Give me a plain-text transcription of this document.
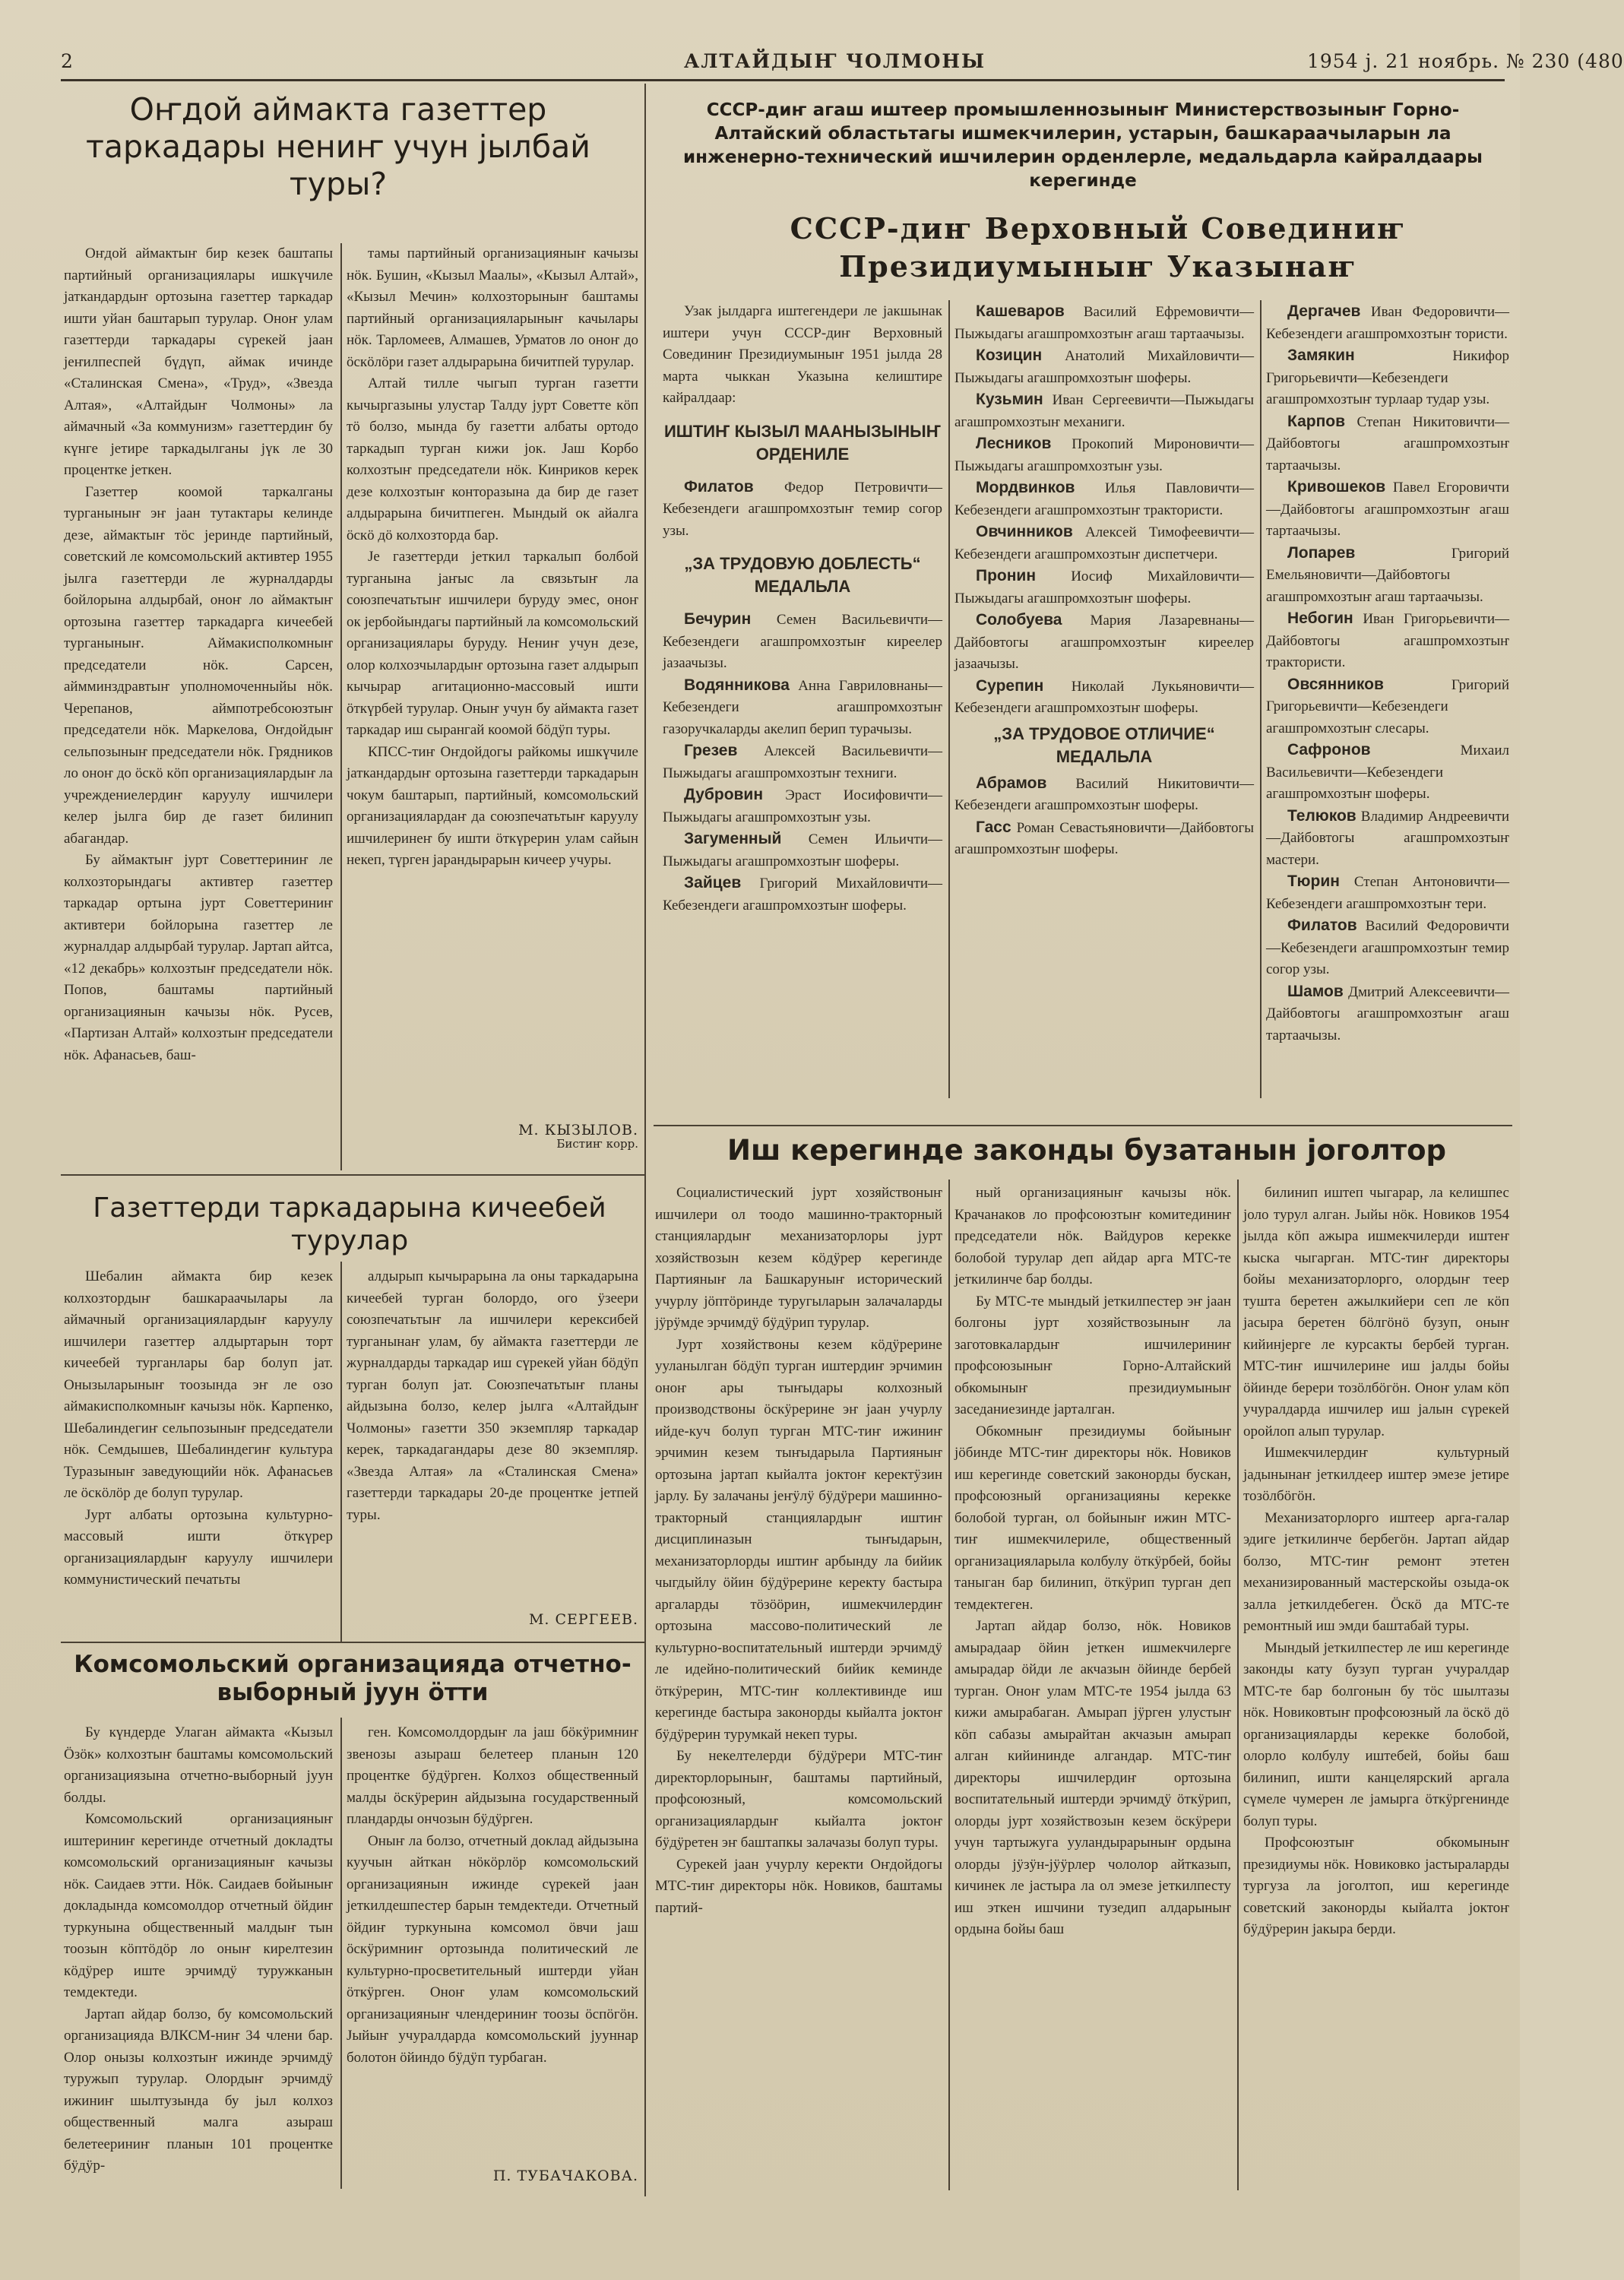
2	АЛТАЙДЫҤ ЧОЛМОНЫ	1954 ј. 21 ноябрь. № 230 (480
Оҥдой аймакта газеттер таркадары нениҥ учун јылбай туры?

Оҥдой аймактыҥ бир кезек баштапы партийный организациялары ишкүчиле јаткандардыҥ ортозына газеттер таркадар ишти уйан баштарып турулар. Оноҥ улам газеттерди таркадары сүрекей јаан јеҥилпеспей бүдүп, аймак ичинде «Сталинская Смена», «Труд», «Звезда Алтая», «Алтайдыҥ Чолмоны» ла аймачный «За коммунизм» газеттердиҥ бу күнге јетире таркадылганы јүк ле 30 процентке јеткен.

Газеттер коомой таркалганы турганыныҥ эҥ јаан тутактары келинде дезе, аймактыҥ тӧс јеринде партийный, советский ле комсомольский активтер 1955 јылга газеттерди ле журналдарды бойлорына алдырбай, оноҥ ло аймактыҥ ортозына газеттер таркадарга кичеебей турганыныҥ. Аймакисполкомныҥ председатели нӧк. Сарсен, аймминздравтыҥ уполномоченныйы нӧк. Черепанов, аймпотребсоюзтыҥ председатели нӧк. Маркелова, Оҥдойдыҥ сельпозыныҥ председатели нӧк. Грядников ло оноҥ до ӧскӧ кӧп организациялардыҥ ла учреждениелердиҥ каруулу ишчилери келер јылга бир де газет билинип абагандар.

Бу аймактыҥ јурт Советтериниҥ ле колхозторындагы активтер газеттер таркадар ортына јурт Советтериниҥ активтери бойлорына газеттер ле журналдар алдырбай турулар. Јартап айтса, «12 декабрь» колхозтыҥ председатели нӧк. Попов, баштамы партийный организациянын качызы нӧк. Русев, «Партизан Алтай» колхозтыҥ председатели нӧк. Афанасьев, баш-

тамы партийный организацияныҥ качызы нӧк. Бушин, «Кызыл Маалы», «Кызыл Алтай», «Кызыл Мечин» колхозторыныҥ баштамы партийный организацияларыныҥ качылары нӧк. Тарломеев, Алмашев, Урматов ло оноҥ до ӧскӧлӧри газет алдырарына бичитпей турулар.

Алтай тилле чыгып турган газетти кычыргазыны улустар Талду јурт Советте кӧп тӧ болзо, мында бу газетти албаты ортодо таркадып турган кижи јок. Јаш Корбо колхозтыҥ председатели нӧк. Кинриков керек дезе колхозтыҥ конторазына да бир де газет алдырарына бичитпеген. Мындый ок айалга ӧскӧ дӧ колхозторда бар.

Јe газеттерди јеткил таркалып болбой турганына јаҥыс ла связьтыҥ ла союзпечатьтыҥ ишчилери буруду эмес, оноҥ ок јербойындагы партийный ла комсомольский организациялары буруду. Нениҥ учун дезе, олор колхозчылардыҥ ортозына газет алдырып кычырар агитационно-массовый ишти ӧткүрбей турулар. Оныҥ учун бу аймакта газет таркадар иш сырангай коомой бӧдӱп туры.

КПСС-тиҥ Оҥдойдогы райкомы ишкүчиле јаткандардыҥ ортозына газеттерди таркадарын чокум баштарып, партийный, комсомольский организациялардаҥ да союзпечатьтыҥ каруулу ишчилеринеҥ бу ишти ӧткүрерин улам сайын некеп, түрген јарандырарын кичеер учуры.

М. КЫЗЫЛОВ.
Бистиҥ корр.
Газеттерди таркадарына кичеебей турулар

Шебалин аймакта бир кезек колхозтордыҥ башкараачылары ла аймачный организациялардыҥ каруулу ишчилери газеттер алдыртарын торт кичеебей турганлары бар болуп јат. Онызыларыныҥ тоозында эҥ ле озо аймакисполкомныҥ качызы нӧк. Карпенко, Шебалиндегиҥ сельпозыныҥ председатели нӧк. Семдышев, Шебалиндегиҥ культура Туразыныҥ заведующийи нӧк. Афанасьев ле ӧскӧлӧр де болуп турулар.

Јурт албаты ортозына культурно-массовый ишти ӧткүрер организациялардыҥ каруулу ишчилери коммунистический печатьты

алдырып кычырарына ла оны таркадарына кичеебей турган болордо, ого ӱзеери союзпечатьтыҥ ла ишчилери керексибей турганынаҥ улам, бу аймакта газеттерди ле журналдарды таркадар иш сүрекей уйан бӧдӱп турган болуп јат. Союзпечатьтыҥ планы айдызына болзо, келер јылга «Алтайдыҥ Чолмоны» газетти 350 экземпляр таркадар керек, таркадагандары дезе 80 экземпляр. «Звезда Алтая» ла «Сталинская Смена» газеттерди таркадары 20-де процентке јетпей туры.

М. СЕРГЕЕВ.
Комсомольский организацияда отчетно-выборный јуун ӧтти

Бу күндерде Улаган аймакта «Кызыл Ӧзӧк» колхозтыҥ баштамы комсомольский организациязына отчетно-выборный јуун болды.

Комсомольский организацияныҥ иштериниҥ керегинде отчетный докладты комсомольский организацияныҥ качызы нӧк. Саидаев этти. Нӧк. Саидаев бойыныҥ докладында комсомолдор отчетный ӧйдиҥ туркунына общественный малдыҥ тын тоозын кӧптӧдӧр ло оныҥ кирелтезин кӧдӱрер иште эрчимдӱ туружканын темдектеди.

Јартап айдар болзо, бу комсомольский организацияда ВЛКСМ-ниҥ 34 члени бар. Олор онызы колхозтыҥ ижинде эрчимдӱ туружып турулар. Олордыҥ эрчимдӱ ижиниҥ шылтузында бу јыл колхоз общественный малга азыраш белетеериниҥ планын 101 процентке бӱдӱр-

ген. Комсомолдордыҥ ла јаш бӧкӱримниҥ звенозы азыраш белетеер планын 120 процентке бӱдӱрген. Колхоз общественный малды ӧскӱрерин айдызына государственный пландарды ончозын бӱдӱрген.

Оныҥ ла болзо, отчетный доклад айдызына куучын айткан нӧкӧрлӧр комсомольский организациянын ижинде сүрекей јаан јеткилдешпестер барын темдектеди. Отчетный ӧйдиҥ туркунына комсомол ӧвчи јаш ӧскӱримниҥ ортозында политический ле культурно-просветительный иштерди уйан ӧткӱрген. Оноҥ улам комсомольский организацияныҥ члендериниҥ тоозы ӧспӧгӧн. Јыйыҥ учуралдарда комсомольский јууннар болотон ӧйиндо бӱдӱп турбаган.

П. ТУБАЧАКОВА.
СССР-диҥ агаш иштеер промышленнозыныҥ Министерствозыныҥ Горно-Алтайский областьтагы ишмекчилерин, устарын, башкараачыларын ла инженерно-технический ишчилерин орденлерле, медальдарла кайралдаары керегинде
СССР-диҥ Верховный Совединиҥ Президиумыныҥ Указынаҥ

Узак јылдарга иштегендери ле јакшынак иштери учун СССР-диҥ Верховный Совединиҥ Президиумыныҥ 1951 јылда 28 марта чыккан Указына келиштире кайралдаар:

ИШТИҤ КЫЗЫЛ МААНЫЗЫНЫҤ ОРДЕНИЛЕ

Филатов Федор Петровичти—Кебезендеги агашпромхозтыҥ темир согор узы.

„ЗА ТРУДОВУЮ ДОБЛЕСТЬ“ МЕДАЛЬЛА

Бечурин Семен Васильевичти—Кебезендеги агашпромхозтыҥ киреелер јазаачызы.

Водянникова Анна Гавриловнаны—Кебезендеги агашпромхозтыҥ газоручкаларды акелип берип турачызы.

Грезев Алексей Васильевичти—Пыжыдагы агашпромхозтыҥ техниги.

Дубровин Эраст Иосифовичти—Пыжыдагы агашпромхозтыҥ узы.

Загуменный Семен Ильичти—Пыжыдагы агашпромхозтыҥ шоферы.

Зайцев Григорий Михайловичти—Кебезендеги агашпромхозтыҥ шоферы.

Кашеваров Василий Ефремовичти—Пыжыдагы агашпромхозтыҥ агаш тартаачызы.

Козицин Анатолий Михайловичти—Пыжыдагы агашпромхозтыҥ шоферы.

Кузьмин Иван Сергеевичти—Пыжыдагы агашпромхозтыҥ механиги.

Лесников Прокопий Мироновичти—Пыжыдагы агашпромхозтыҥ узы.

Мордвинков Илья Павловичти—Кебезендеги агашпромхозтыҥ трактористи.

Овчинников Алексей Тимофеевичти—Кебезендеги агашпромхозтыҥ диспетчери.

Пронин Иосиф Михайловичти—Пыжыдагы агашпромхозтыҥ шоферы.

Солобуева Мария Лазаревнаны—Дайбовтогы агашпромхозтыҥ киреелер јазаачызы.

Сурепин Николай Лукьяновичти—Кебезендеги агашпромхозтыҥ шоферы.

„ЗА ТРУДОВОЕ ОТЛИЧИЕ“ МЕДАЛЬЛА

Абрамов Василий Никитовичти—Кебезендеги агашпромхозтыҥ шоферы.

Гасс Роман Севастьяновичти—Дайбовтогы агашпромхозтыҥ шоферы.

Дергачев Иван Федоровичти—Кебезендеги агашпромхозтыҥ тористи.

Замякин	Никифор Григорьевичти—Кебезендеги агашпромхозтыҥ турлаар тудар узы.

Карпов Степан Никитовичти—Дайбовтогы агашпромхозтыҥ тартаачызы.

Кривошеков Павел Егоровичти—Дайбовтогы агашпромхозтыҥ агаш тартаачызы.

Лопарев	Григорий Емельяновичти—Дайбовтогы агашпромхозтыҥ агаш тартаачызы.

Небогин Иван Григорьевичти—Дайбовтогы агашпромхозтыҥ трактористи.

Овсянников	Григорий Григорьевичти—Кебезендеги агашпромхозтыҥ слесары.

Сафронов	Михаил Васильевичти—Кебезендеги агашпромхозтыҥ шоферы.

Телюков Владимир Андреевичти—Дайбовтогы агашпромхозтыҥ мастери.

Тюрин Степан Антоновичти—Кебезендеги агашпромхозтыҥ тери.

Филатов Василий Федоровичти—Кебезендеги агашпромхозтыҥ темир согор узы.

Шамов Дмитрий Алексеевичти—Дайбовтогы агашпромхозтыҥ агаш тартаачызы.

Иш керегинде законды бузатанын јоголтор

Социалистический јурт хозяйствоныҥ ишчилери ол тоодо машинно-тракторный станциялардыҥ механизаторлоры јурт хозяйствозын кезем кӧдӱрер керегинде Партияныҥ ла Башкаруныҥ исторический учурлу јӧптӧринде туругыларын залачаларды јӱрӱмде эрчимдӱ бӱдӱрип турулар.

Јурт хозяйствоны кезем кӧдӱрерине ууланылган бӧдӱп турган иштердиҥ эрчимин оноҥ ары тыҥыдары колхозный производствоны ӧскӱрерине эҥ јаан учурлу ийде-куч болуп турган МТС-тиҥ ижиниҥ эрчимин кезем тыҥыдарыла Партияныҥ ортозына јартап кыйалта јоктоҥ керектӱзин јарлу. Бу залачаны јеҥӱлӱ бӱдӱрери машинно-тракторный станциялардыҥ иштиҥ дисциплиназын тыҥыдарын, механизаторлорды иштиҥ арбынду ла бийик чыгдыйлу ӧйин бӱдӱрерине керекту бастыра аргаларды тӧзӧӧрин, ишмекчилердиҥ ортозына массово-политический ле культурно-воспитательный иштерди эрчимдӱ ле идейно-политический бийик кеминде ӧткӱрерин, МТС-тиҥ коллективинде иш керегинде бастыра законорды кыйалта јоктоҥ бӱдӱрерин турумкай некеп туры.

Бу некелтелерди бӱдӱрери МТС-тиҥ директорлорыныҥ, баштамы партийный, профсоюзный, комсомольский организациялардыҥ кыйалта јоктоҥ бӱдӱретен эҥ баштапкы залачазы болуп туры.

Сурекей јаан учурлу керекти Оҥдойдогы МТС-тиҥ директоры нӧк. Новиков, баштамы партий-

ный организацияныҥ качызы нӧк. Крачанаков ло профсоюзтыҥ комитединиҥ председатели нӧк. Вайдуров керекке болобой турулар деп айдар арга МТС-те јеткилинче бар болды.

Бу МТС-те мындый јеткилпестер эҥ јаан болгоны јурт хозяйствозыныҥ ла заготовкалардыҥ ишчилериниҥ профсоюзыныҥ Горно-Алтайский обкомыныҥ президиумыныҥ заседаниезинде јарталган.

Обкомныҥ президиумы бойыныҥ јӧбинде МТС-тиҥ директоры нӧк. Новиков иш керегинде советский законорды бускан, профсоюзный организацияны керекке болобой турган, ол бойыныҥ ижин МТС-тиҥ ишмекчилериле, общественный организацияларыла колбулу ӧткӱрбей, бойы таныган бар билинип, ӧткӱрип турган деп темдектеген.

Јартап айдар болзо, нӧк. Новиков амырадаар ӧйин јеткен ишмекчилерге амырадар ӧйди ле акчазын ӧйинде бербей турган. Оноҥ улам МТС-те 1954 јылда 63 кижи амырабаган. Амырап јӱрген улустыҥ кӧп сабазы амырайтан акчазын амырап алган кийининде алгандар. МТС-тиҥ директоры ишчилердиҥ ортозына воспитательный иштерди эрчимдӱ ӧткӱрип, олорды јурт хозяйствозын кезем ӧскӱрери учун тартыжуга ууландырарыныҥ ордына олорды јӱзӱн-јӱӱрлер чололор айтказып, кичинек ле јастыра ла ол эмезе јеткилпесту иш эткен ишчини тузедип алдарыныҥ ордына бойы баш

билинип иштеп чыгарар, ла келишпес јоло турул алган. Јыйы нӧк. Новиков 1954 јылда кӧп ажыра ишмекчилерди иштеҥ кыска чыгарган. МТС-тиҥ директоры бойы механизаторлорго, олордыҥ теер тушта беретен ажылкийери сеп ле кӧп јасыра беретен бӧлгӧнӧ бузуп, оныҥ кийинјерге ле курсакты бербей турган. МТС-тиҥ ишчилерине иш јалды бойы ӧйинде берери тозӧлбӧгӧн. Оноҥ улам кӧп учуралдарда ишчилер иш јалын сүрекей оройлоп алып турулар.

Ишмекчилердиҥ культурный јадынынаҥ јеткилдеер иштер эмезе јетире тозӧлбӧгӧн.

Механизаторлорго иштеер арга-галар эдиге јеткилинче бербегӧн. Јартап айдар болзо, МТС-тиҥ ремонт этетен механизированный мастерскойы озыда-ок залла јеткилдебеген. Ӧскӧ да МТС-те ремонтный иш эмди баштабай туры.

Мындый јеткилпестер ле иш керегинде законды кату бузуп турган учуралдар МТС-те бар болгонын бу тӧс шылтазы нӧк. Новиковтыҥ профсоюзный ла ӧскӧ дӧ организацияларды керекке болобой, олорло колбулу иштебей, бойы баш билинип, ишти канцелярский аргала сүмеле чумерен ле јамырга ӧткӱргенинде болуп туры.

Профсоюзтыҥ обкомыныҥ президиумы нӧк. Новиковко јастыраларды тургуза ла јоголтоп, иш керегинде советский законорды кыйалта јоктоҥ бӱдӱрерин јакыра берди.
